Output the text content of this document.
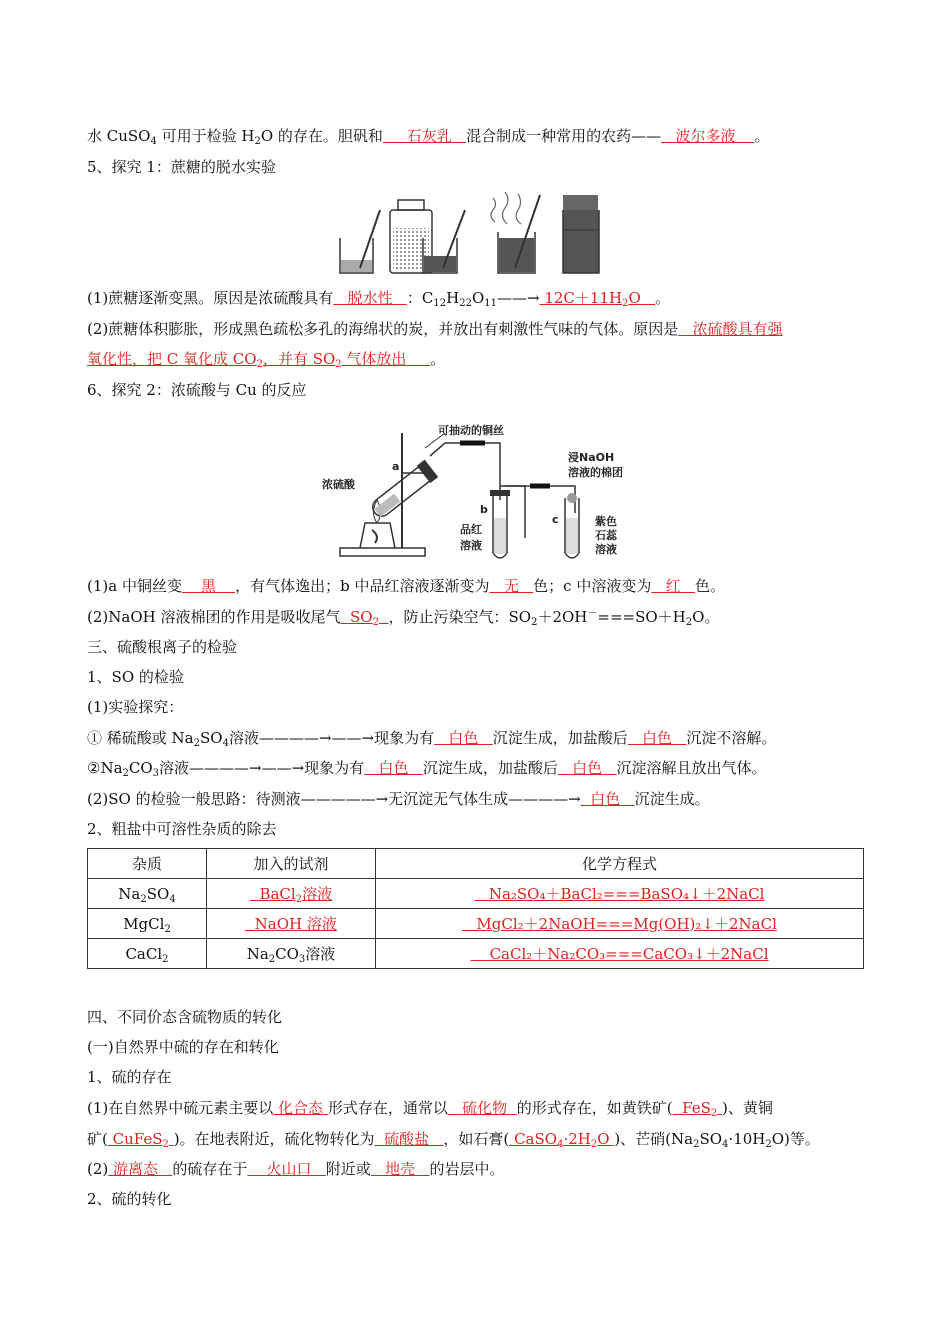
水 CuSO$_4$ 可用于检验 $H_2O$ 的存在。胆矾和 石灰乳 混合制成一种常用的农药—— 波尔多液 。
5、探究 1：蔗糖的脱水实验
(1)蔗糖逐渐变黑。原因是浓硫酸具有 脱水性 ：$C_{12}H_{22}O_{11}——\to 12C+11H_2O$ 。
(2)蔗糖体积膨胀，形成黑色疏松多孔的海绵状的炭，并放出有刺激性气味的气体。原因是 浓硫酸具有强
氧化性，把 C 氧化成 $CO_2$，并有 $SO_2$ 气体放出 。
6、探究 2：浓硫酸与 Cu 的反应
可抽动的铜丝
浓硫酸
a
b
c
品红
溶液
浸NaOH
溶液的棉团
紫色
石蕊
溶液
(1)a 中铜丝变 黑 ，有气体逸出；b 中品红溶液逐渐变为 无 色；c 中溶液变为 红 色。
(2)NaOH 溶液棉团的作用是吸收尾气 $SO_2$ ，防止污染空气：$SO_2+2OH^-===SO+H_2O$。
三、硫酸根离子的检验
1、SO 的检验
(1)实验探究：
① 稀硫酸或 $Na_2SO_4$溶液————→——→现象为有 白色 沉淀生成，加盐酸后 白色 沉淀不溶解。
$②Na_2CO_3$溶液————→——→现象为有 白色 沉淀生成，加盐酸后 白色 沉淀溶解且放出气体。
(2)SO 的检验一般思路：待测液—————→无沉淀无气体生成————→ 白色 沉淀生成。
2、粗盐中可溶性杂质的除去
杂质	加入的试剂	化学方程式
$Na_2SO_4$	BaCl$_2$溶液	Na₂SO₄＋BaCl₂===BaSO₄↓＋2NaCl
MgCl$_2$	NaOH 溶液	MgCl₂＋2NaOH===Mg(OH)₂↓＋2NaCl
CaCl$_2$	$Na_2CO_3$溶液	CaCl₂＋Na₂CO₃===CaCO₃↓＋2NaCl
四、不同价态含硫物质的转化
(一)自然界中硫的存在和转化
1、硫的存在
(1)在自然界中硫元素主要以 化合态 形式存在，通常以 硫化物 的形式存在，如黄铁矿( FeS$_2$ )、黄铜
矿( CuFeS$_2$ )。在地表附近，硫化物转化为 硫酸盐 ，如石膏( $CaSO_4\cdot 2H_2O$ )、芒硝$(Na_2SO_4\cdot 10H_2O)$等。
(2) 游离态 的硫存在于 火山口 附近或 地壳 的岩层中。
2、硫的转化
